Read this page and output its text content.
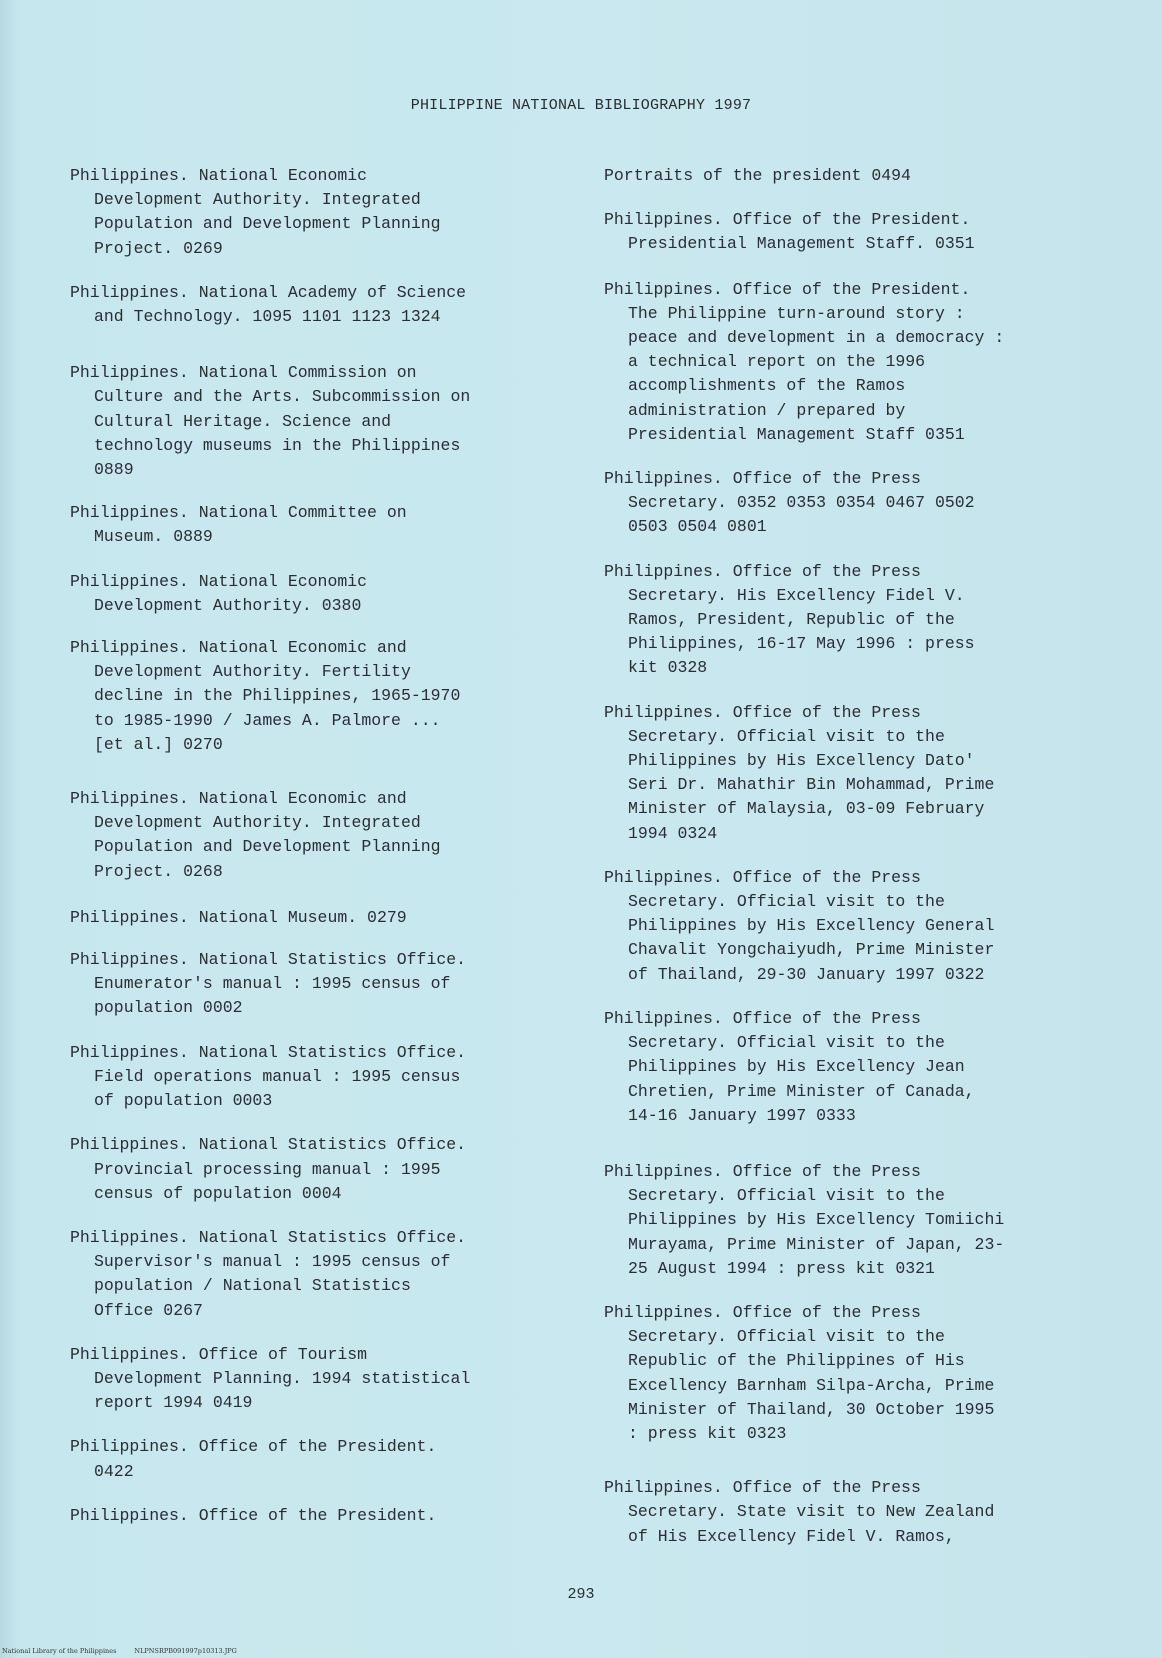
PHILIPPINE NATIONAL BIBLIOGRAPHY 1997

Philippines. National Economic
Development Authority. Integrated
Population and Development Planning
Project. 0269

Philippines. National Academy of Science
and Technology. 1095 1101 1123 1324

Philippines. National Commission on
Culture and the Arts. Subcommission on
Cultural Heritage. Science and
technology museums in the Philippines
0889

Philippines. National Committee on
Museum. 0889

Philippines. National Economic
Development Authority. 0380

Philippines. National Economic and
Development Authority. Fertility
decline in the Philippines, 1965-1970
to 1985-1990 / James A. Palmore ...
[et al.] 0270

Philippines. National Economic and
Development Authority. Integrated
Population and Development Planning
Project. 0268

Philippines. National Museum. 0279

Philippines. National Statistics Office.
Enumerator's manual : 1995 census of
population 0002

Philippines. National Statistics Office.
Field operations manual : 1995 census
of population 0003

Philippines. National Statistics Office.
Provincial processing manual : 1995
census of population 0004

Philippines. National Statistics Office.
Supervisor's manual : 1995 census of
population / National Statistics
Office 0267

Philippines. Office of Tourism
Development Planning. 1994 statistical
report 1994 0419

Philippines. Office of the President.
0422

Philippines. Office of the President.

Portraits of the president 0494

Philippines. Office of the President.
Presidential Management Staff. 0351

Philippines. Office of the President.
The Philippine turn-around story :
peace and development in a democracy :
a technical report on the 1996
accomplishments of the Ramos
administration / prepared by
Presidential Management Staff 0351

Philippines. Office of the Press
Secretary. 0352 0353 0354 0467 0502
0503 0504 0801

Philippines. Office of the Press
Secretary. His Excellency Fidel V.
Ramos, President, Republic of the
Philippines, 16-17 May 1996 : press
kit 0328

Philippines. Office of the Press
Secretary. Official visit to the
Philippines by His Excellency Dato'
Seri Dr. Mahathir Bin Mohammad, Prime
Minister of Malaysia, 03-09 February
1994 0324

Philippines. Office of the Press
Secretary. Official visit to the
Philippines by His Excellency General
Chavalit Yongchaiyudh, Prime Minister
of Thailand, 29-30 January 1997 0322

Philippines. Office of the Press
Secretary. Official visit to the
Philippines by His Excellency Jean
Chretien, Prime Minister of Canada,
14-16 January 1997 0333

Philippines. Office of the Press
Secretary. Official visit to the
Philippines by His Excellency Tomiichi
Murayama, Prime Minister of Japan, 23-
25 August 1994 : press kit 0321

Philippines. Office of the Press
Secretary. Official visit to the
Republic of the Philippines of His
Excellency Barnham Silpa-Archa, Prime
Minister of Thailand, 30 October 1995
: press kit 0323

Philippines. Office of the Press
Secretary. State visit to New Zealand
of His Excellency Fidel V. Ramos,

293
National Library of the Philippines	NLPNSRPB091997p10313.JPG
